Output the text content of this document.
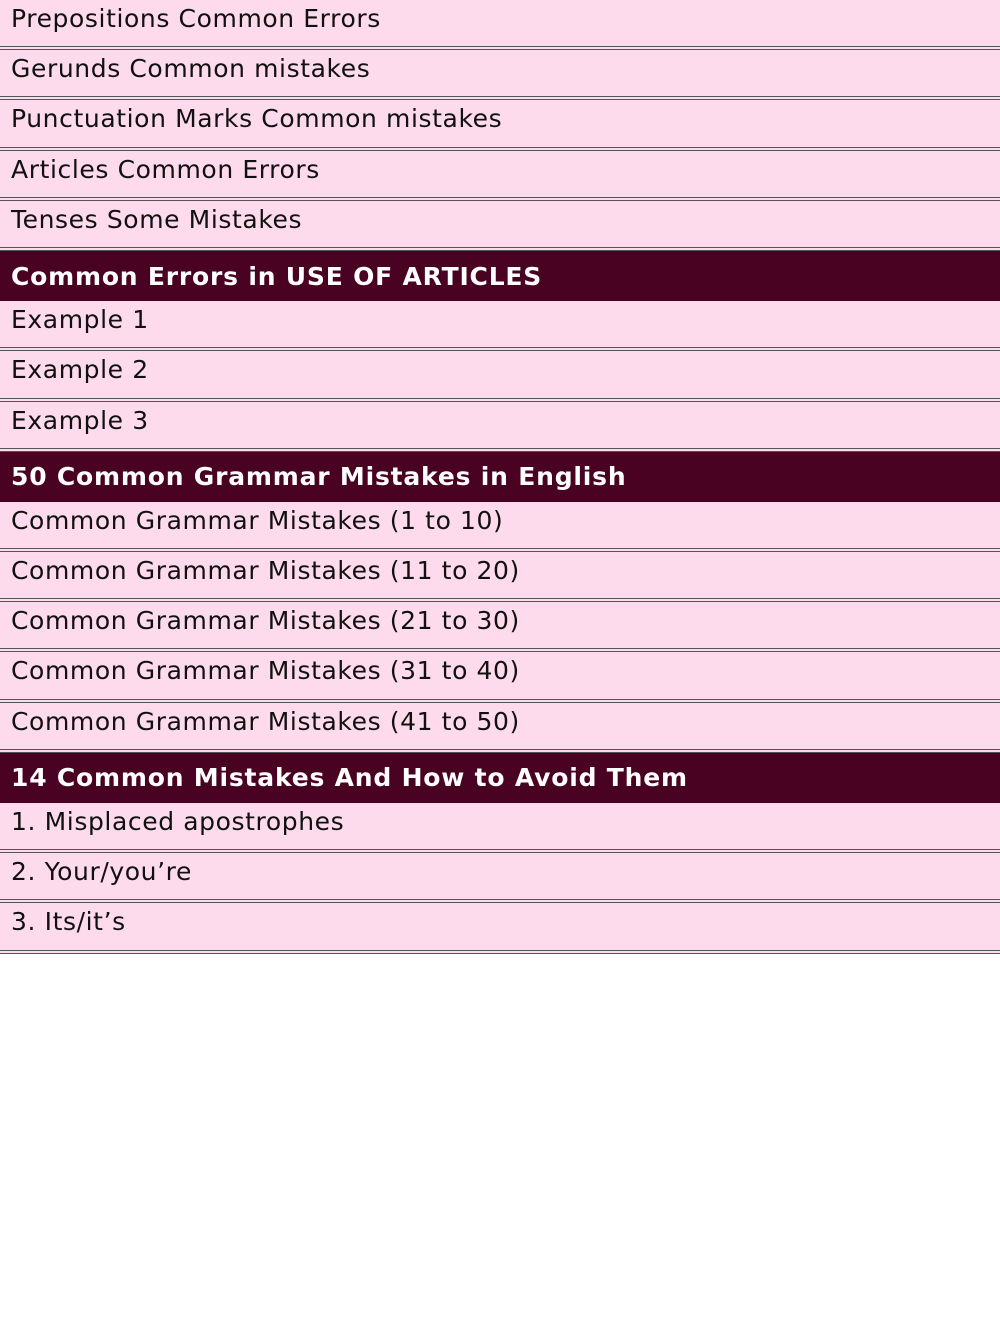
Prepositions Common Errors
Gerunds Common mistakes
Punctuation Marks Common mistakes
Articles Common Errors
Tenses Some Mistakes
Common Errors in USE OF ARTICLES
Example 1
Example 2
Example 3
50 Common Grammar Mistakes in English
Common Grammar Mistakes (1 to 10)
Common Grammar Mistakes (11 to 20)
Common Grammar Mistakes (21 to 30)
Common Grammar Mistakes (31 to 40)
Common Grammar Mistakes (41 to 50)
14 Common Mistakes And How to Avoid Them
1. Misplaced apostrophes
2. Your/you’re
3. Its/it’s
